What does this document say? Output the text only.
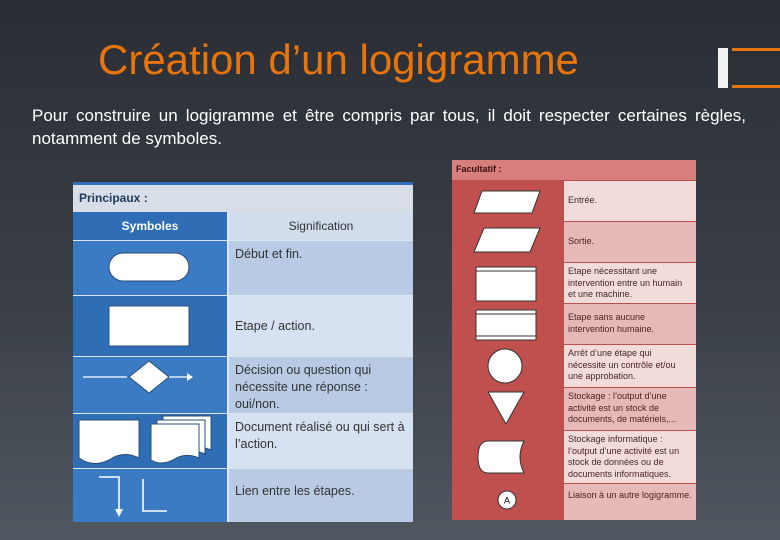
Création d’un logigramme
Pour construire un logigramme et être compris par tous, il doit respecter certaines règles, notamment de symboles.
Principaux :
Symboles	Signification
Début et fin.
Etape / action.
Décision ou question qui nécessite une réponse : oui/non.
Document réalisé ou qui sert à l’action.
Lien entre les étapes.
Facultatif :
Entrée.
Sortie.
Etape nécessitant une intervention entre un humain et une machine.
Etape sans aucune intervention humaine.
Arrêt d’une étape qui nécessite un contrôle et/ou une approbation.
Stockage : l’output d’une activité est un stock de documents, de matériels,...
Stockage informatique : l’output d’une activité est un stock de données ou de documents informatiques.
A
Liaison à un autre logigramme.
